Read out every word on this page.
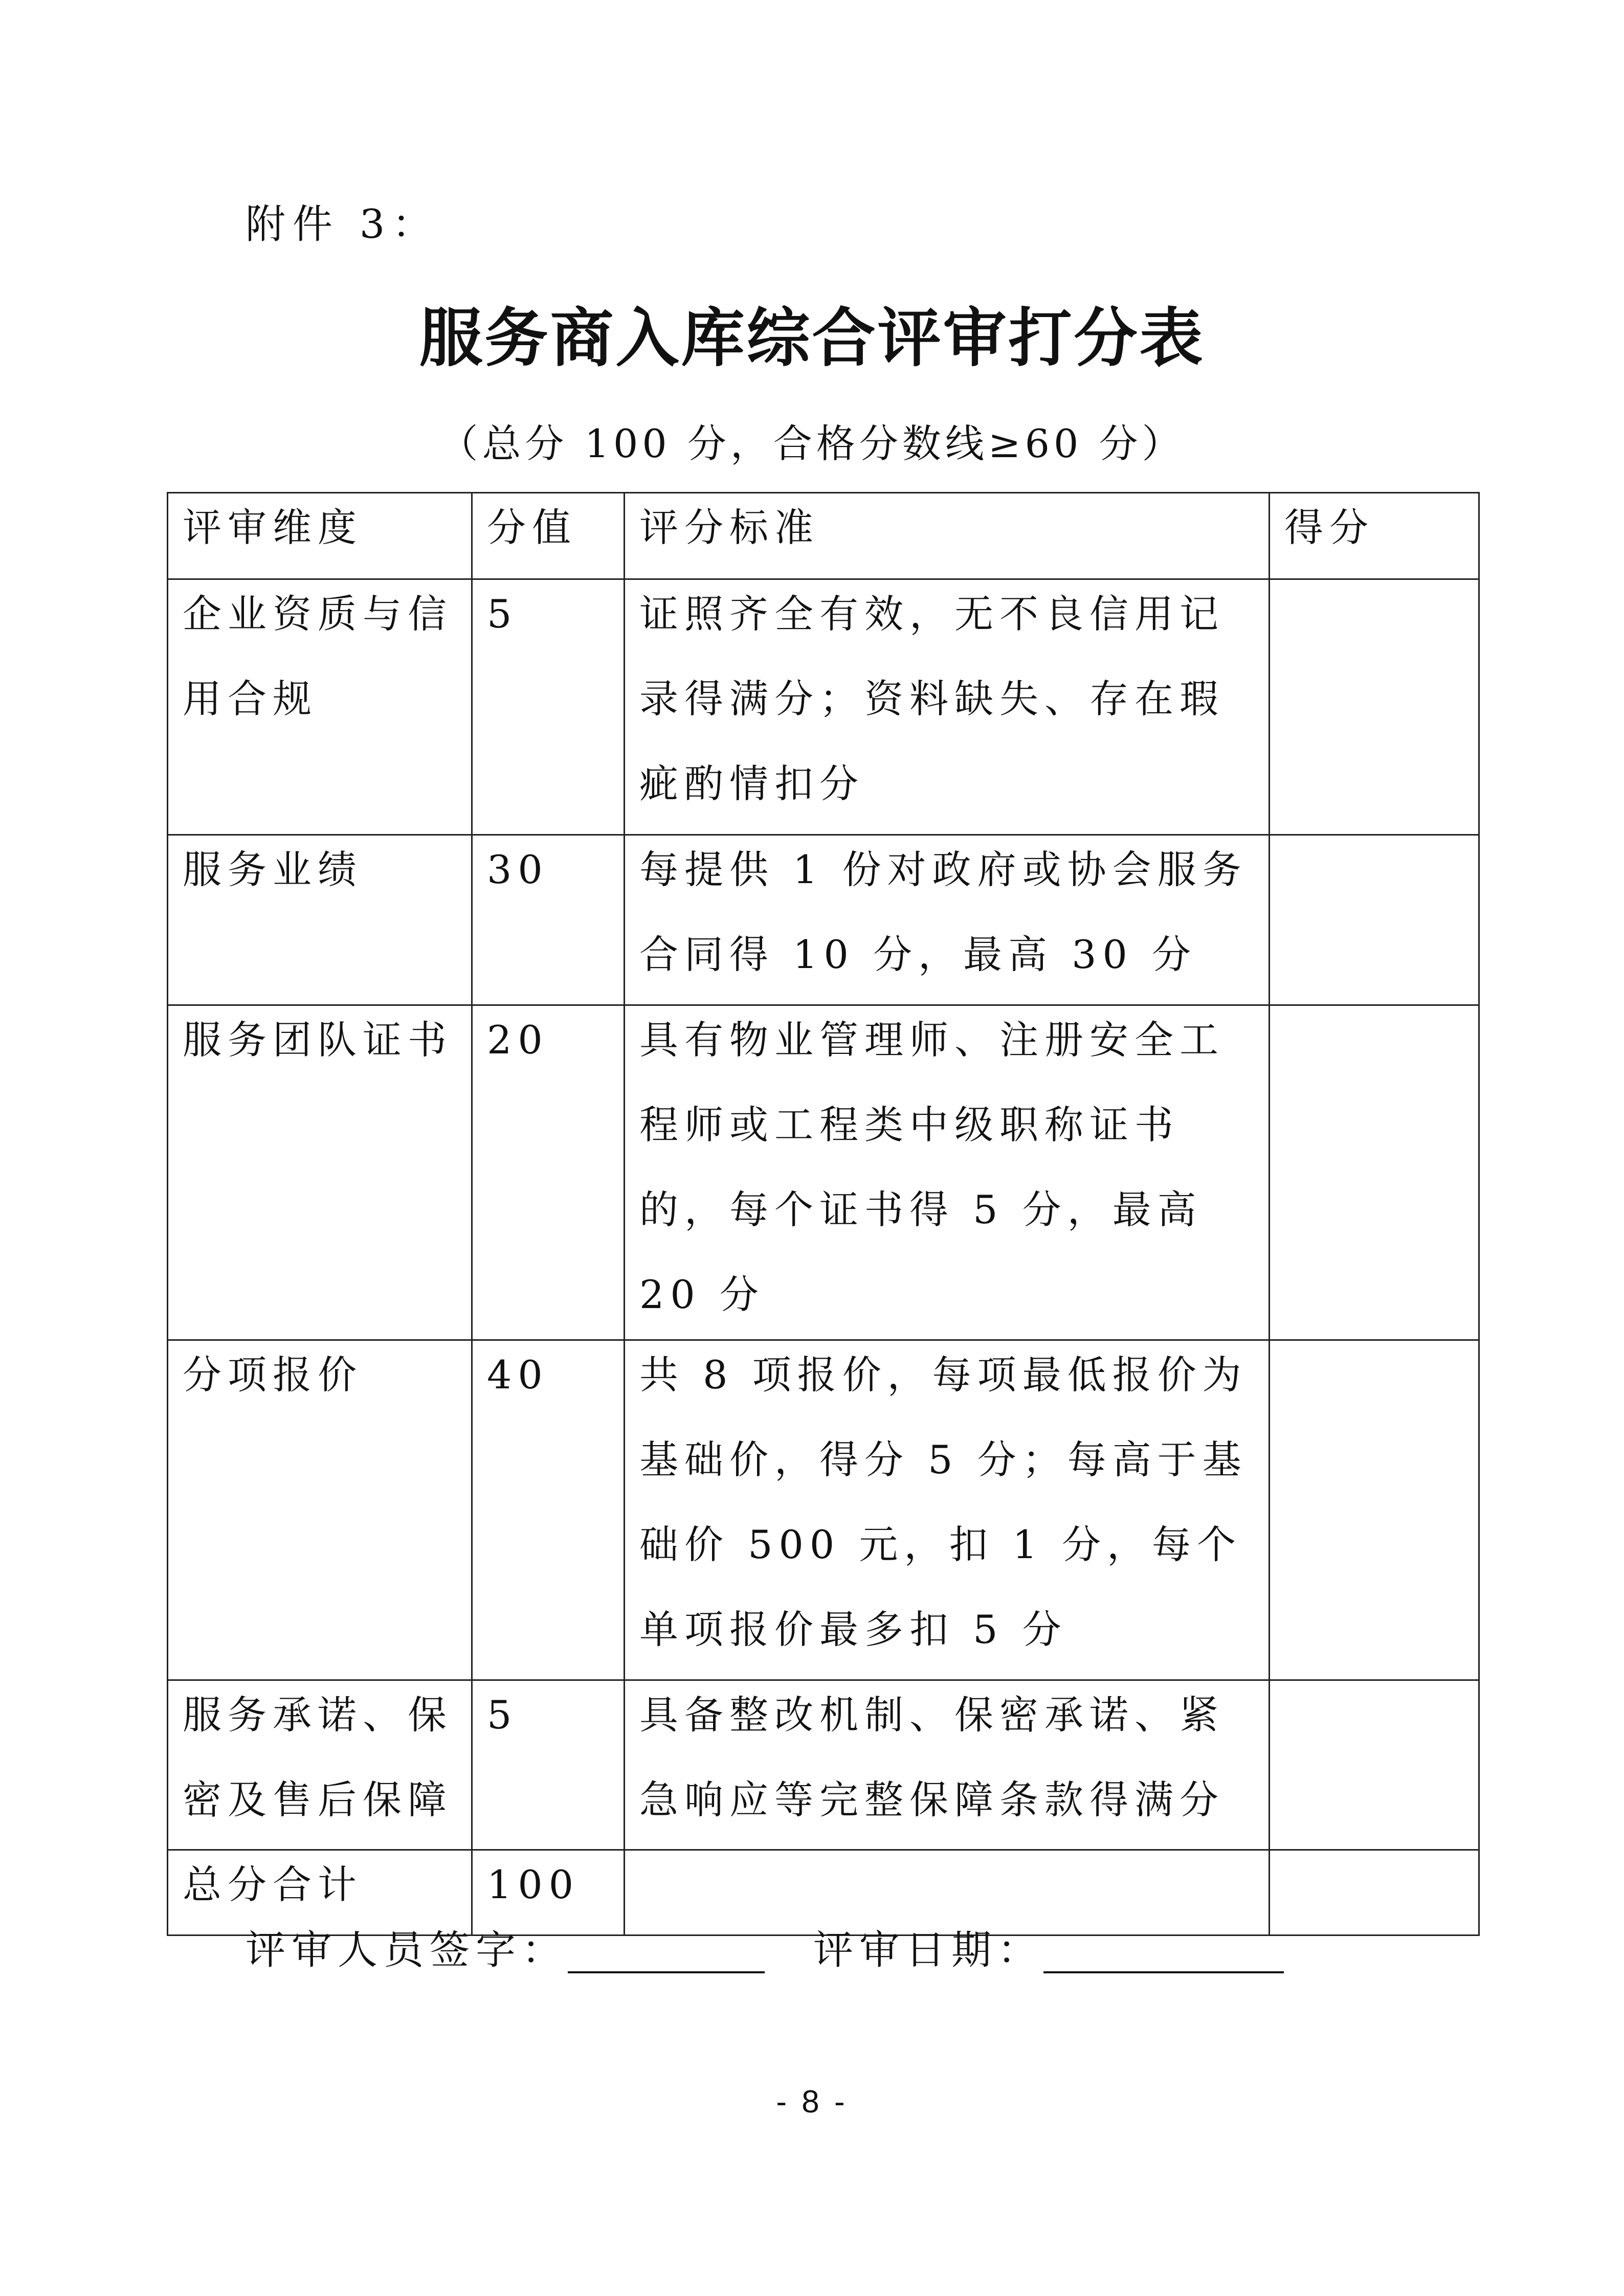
附件 3：
服务商入库综合评审打分表
（总分 100 分，合格分数线≥60 分）
评审维度	分值	评分标准	得分

企业资质与信用合规	5	证照齐全有效，无不良信用记录得满分；资料缺失、存在瑕疵酌情扣分	

服务业绩	30	每提供 1 份对政府或协会服务合同得 10 分，最高 30 分	

服务团队证书	20	具有物业管理师、注册安全工程师或工程类中级职称证书的，每个证书得 5 分，最高 20 分	

分项报价	40	共 8 项报价，每项最低报价为基础价，得分 5 分；每高于基础价 500 元，扣 1 分，每个单项报价最多扣 5 分	

服务承诺、保密及售后保障	5	具备整改机制、保密承诺、紧急响应等完整保障条款得满分	

总分合计	100		

评审人员签字：	评审日期：
- 8 -
